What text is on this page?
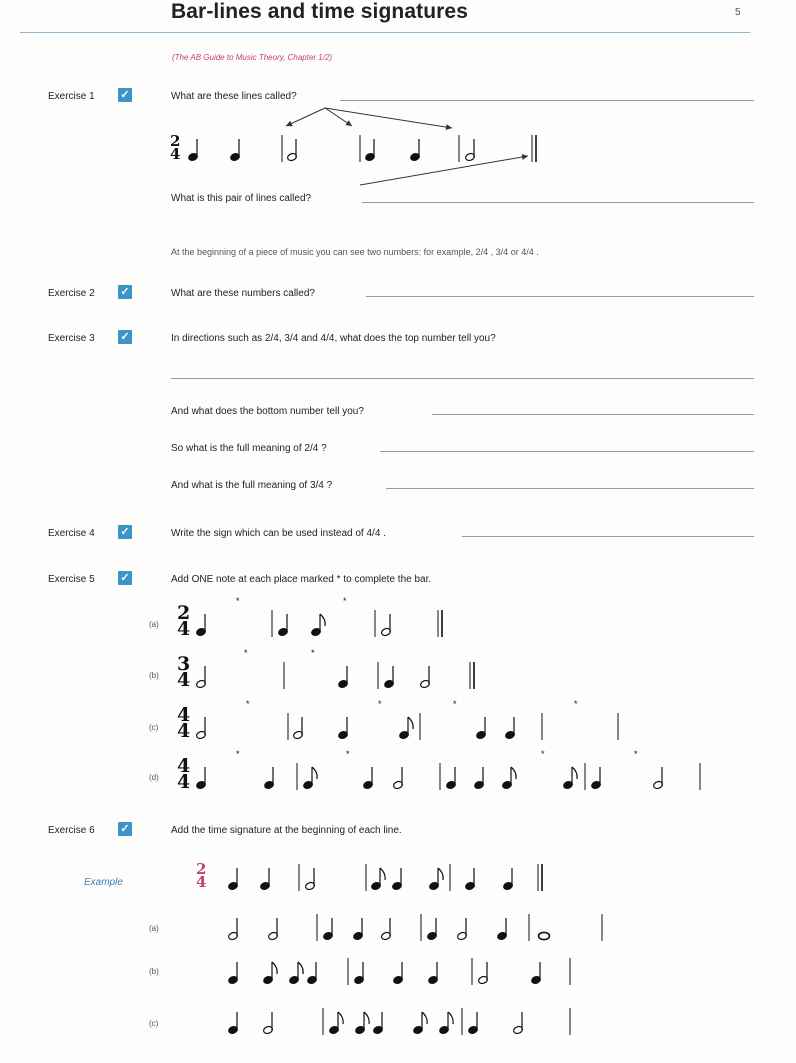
Bar-lines and time signatures	5
(The AB Guide to Music Theory, Chapter 1/2)
Exercise 1 ✓	What are these lines called?
What is this pair of lines called?
At the beginning of a piece of music you can see two numbers: for example, 2/4 , 3/4 or 4/4 .
Exercise 2 ✓	What are these numbers called?
Exercise 3 ✓	In directions such as 2/4, 3/4 and 4/4, what does the top number tell you?
And what does the bottom number tell you?
So what is the full meaning of 2/4 ?
And what is the full meaning of 3/4 ?
Exercise 4 ✓	Write the sign which can be used instead of 4/4 .
Exercise 5 ✓	Add ONE note at each place marked * to complete the bar.
(a)
(b)
(c)
(d)
Exercise 6 ✓	Add the time signature at the beginning of each line.
Example
(a)
(b)
(c)
*	*
*	*
*	*	*	*
*	*	*	*
2
4
2
4
3
4
4
4
4
4
2
4
